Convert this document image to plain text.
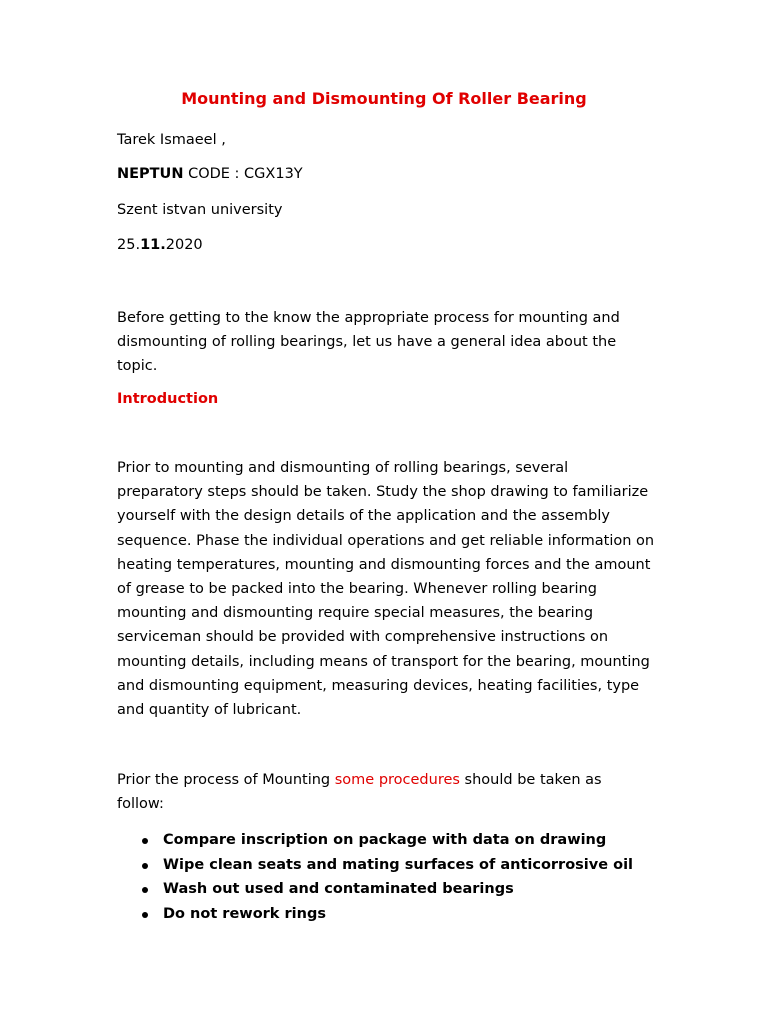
Mounting and Dismounting Of Roller Bearing
Tarek Ismaeel ,
NEPTUN CODE : CGX13Y
Szent istvan university
25.11.2020
Before getting to the know the appropriate process for mounting and dismounting of rolling bearings, let us have a general idea about the topic.
Introduction
Prior to mounting and dismounting of rolling bearings, several preparatory steps should be taken. Study the shop drawing to familiarize yourself with the design details of the application and the assembly sequence. Phase the individual operations and get reliable information on heating temperatures, mounting and dismounting forces and the amount of grease to be packed into the bearing. Whenever rolling bearing mounting and dismounting require special measures, the bearing serviceman should be provided with comprehensive instructions on mounting details, including means of transport for the bearing, mounting and dismounting equipment, measuring devices, heating facilities, type and quantity of lubricant.
Prior the process of Mounting some procedures should be taken as follow:
Compare inscription on package with data on drawing
Wipe clean seats and mating surfaces of anticorrosive oil
Wash out used and contaminated bearings
Do not rework rings
